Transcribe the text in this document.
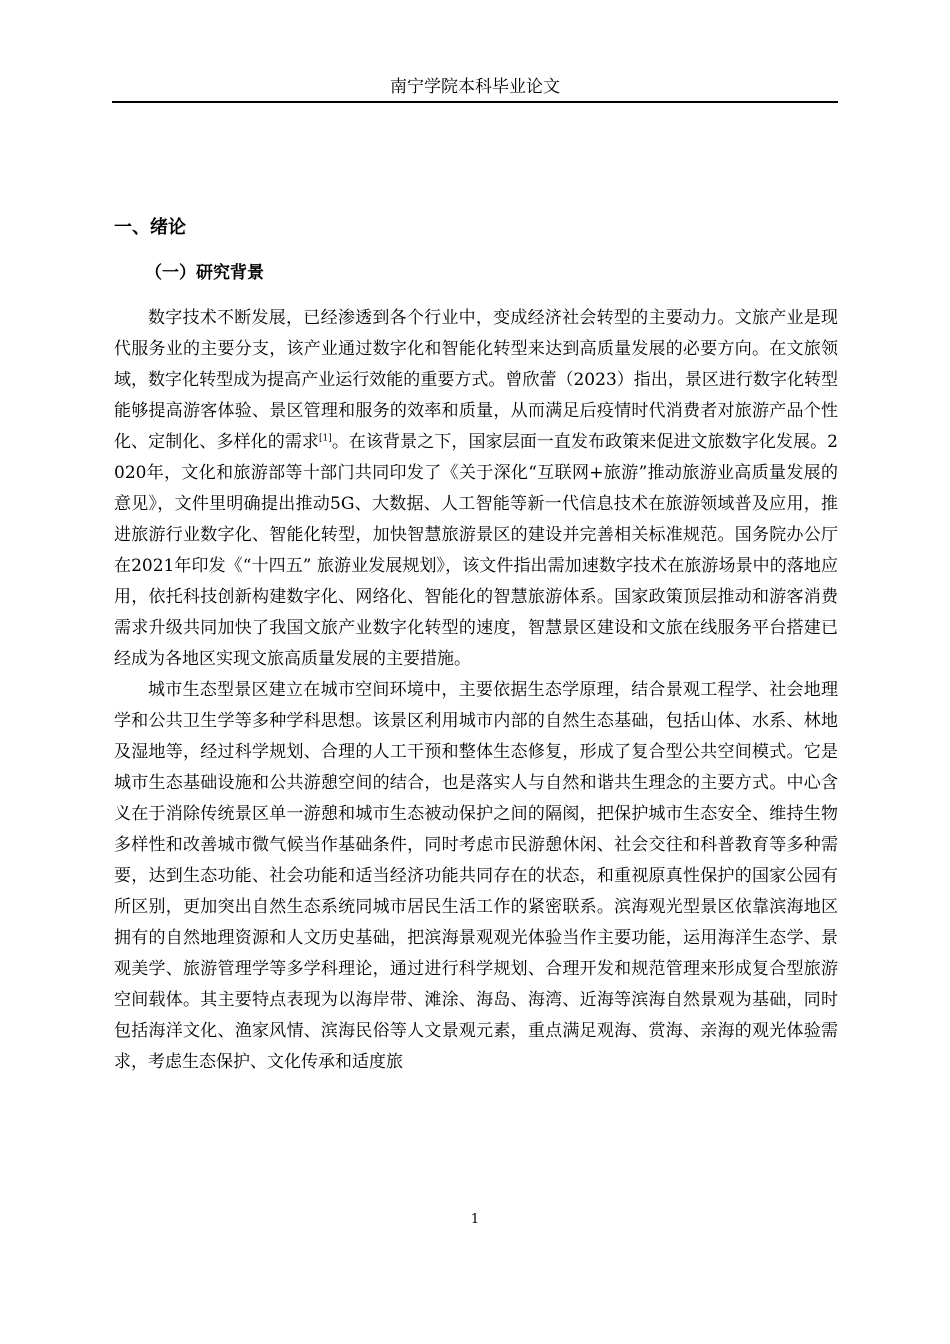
南宁学院本科毕业论文
一、绪论
（一）研究背景

数字技术不断发展，已经渗透到各个行业中，变成经济社会转型的主要动力。文旅产业是现代服务业的主要分支，该产业通过数字化和智能化转型来达到高质量发展的必要方向。在文旅领域，数字化转型成为提高产业运行效能的重要方式。曾欣蕾（2023）指出，景区进行数字化转型能够提高游客体验、景区管理和服务的效率和质量，从而满足后疫情时代消费者对旅游产品个性化、定制化、多样化的需求[1]。在该背景之下，国家层面一直发布政策来促进文旅数字化发展。2020年，文化和旅游部等十部门共同印发了《关于深化“互联网+旅游”推动旅游业高质量发展的意见》，文件里明确提出推动5G、大数据、人工智能等新一代信息技术在旅游领域普及应用，推进旅游行业数字化、智能化转型，加快智慧旅游景区的建设并完善相关标准规范。国务院办公厅在2021年印发《“十四五” 旅游业发展规划》，该文件指出需加速数字技术在旅游场景中的落地应用，依托科技创新构建数字化、网络化、智能化的智慧旅游体系。国家政策顶层推动和游客消费需求升级共同加快了我国文旅产业数字化转型的速度，智慧景区建设和文旅在线服务平台搭建已经成为各地区实现文旅高质量发展的主要措施。

城市生态型景区建立在城市空间环境中，主要依据生态学原理，结合景观工程学、社会地理学和公共卫生学等多种学科思想。该景区利用城市内部的自然生态基础，包括山体、水系、林地及湿地等，经过科学规划、合理的人工干预和整体生态修复，形成了复合型公共空间模式。它是城市生态基础设施和公共游憩空间的结合，也是落实人与自然和谐共生理念的主要方式。中心含义在于消除传统景区单一游憩和城市生态被动保护之间的隔阂，把保护城市生态安全、维持生物多样性和改善城市微气候当作基础条件，同时考虑市民游憩休闲、社会交往和科普教育等多种需要，达到生态功能、社会功能和适当经济功能共同存在的状态，和重视原真性保护的国家公园有所区别，更加突出自然生态系统同城市居民生活工作的紧密联系。滨海观光型景区依靠滨海地区拥有的自然地理资源和人文历史基础，把滨海景观观光体验当作主要功能，运用海洋生态学、景观美学、旅游管理学等多学科理论，通过进行科学规划、合理开发和规范管理来形成复合型旅游空间载体。其主要特点表现为以海岸带、滩涂、海岛、海湾、近海等滨海自然景观为基础，同时包括海洋文化、渔家风情、滨海民俗等人文景观元素，重点满足观海、赏海、亲海的观光体验需求，考虑生态保护、文化传承和适度旅

1
